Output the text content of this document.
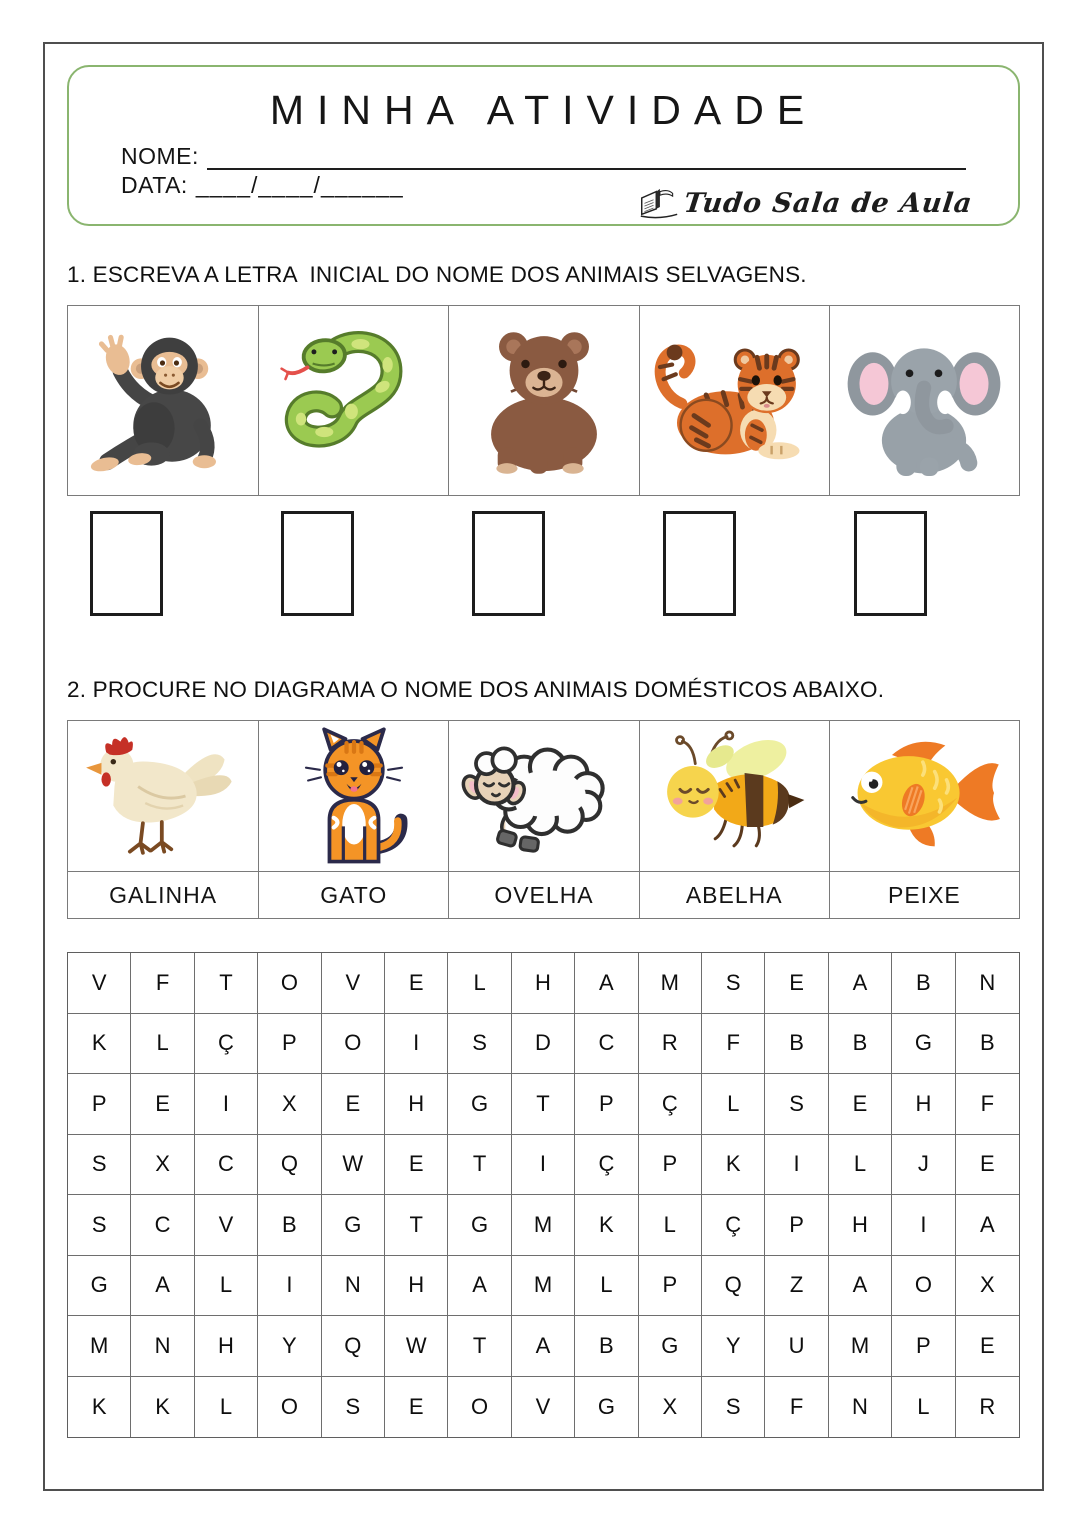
MINHA ATIVIDADE
NOME:
DATA: ____/____/______
Tudo Sala de Aula
1. ESCREVA A LETRA  INICIAL DO NOME DOS ANIMAIS SELVAGENS.
2. PROCURE NO DIAGRAMA O NOME DOS ANIMAIS DOMÉSTICOS ABAIXO.
GALINHA	GATO	OVELHA	ABELHA	PEIXE
V	F	T	O	V	E	L	H	A	M	S	E	A	B	N
K	L	Ç	P	O	I	S	D	C	R	F	B	B	G	B
P	E	I	X	E	H	G	T	P	Ç	L	S	E	H	F
S	X	C	Q	W	E	T	I	Ç	P	K	I	L	J	E
S	C	V	B	G	T	G	M	K	L	Ç	P	H	I	A
G	A	L	I	N	H	A	M	L	P	Q	Z	A	O	X
M	N	H	Y	Q	W	T	A	B	G	Y	U	M	P	E
K	K	L	O	S	E	O	V	G	X	S	F	N	L	R
